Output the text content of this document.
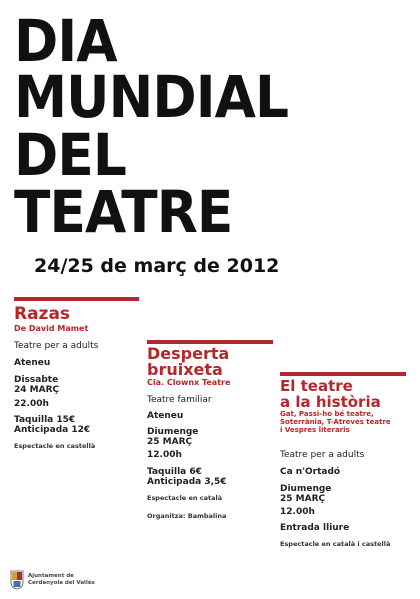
DIA
MUNDIAL
DEL
TEATRE
24/25 de març de 2012
Razas
De David Mamet
Teatre per a adults
Ateneu
Dissabte
24 MARÇ
22.00h
Taquilla 15€
Anticipada 12€
Espectacle en castellà
Desperta
bruixeta
Cia. Clownx Teatre
Teatre familiar
Ateneu
Diumenge
25 MARÇ
12.00h
Taquilla 6€
Anticipada 3,5€
Espectacle en català
Organitza: Bambalina
El teatre
a la història
Gat, Passi-ho bé teatre,
Soterrània, T-Atreves teatre
i Vespres literaris
Teatre per a adults
Ca n'Ortadó
Diumenge
25 MARÇ
12.00h
Entrada lliure
Espectacle en català i castellà
Ajuntament de
Cerdanyola del Vallès
